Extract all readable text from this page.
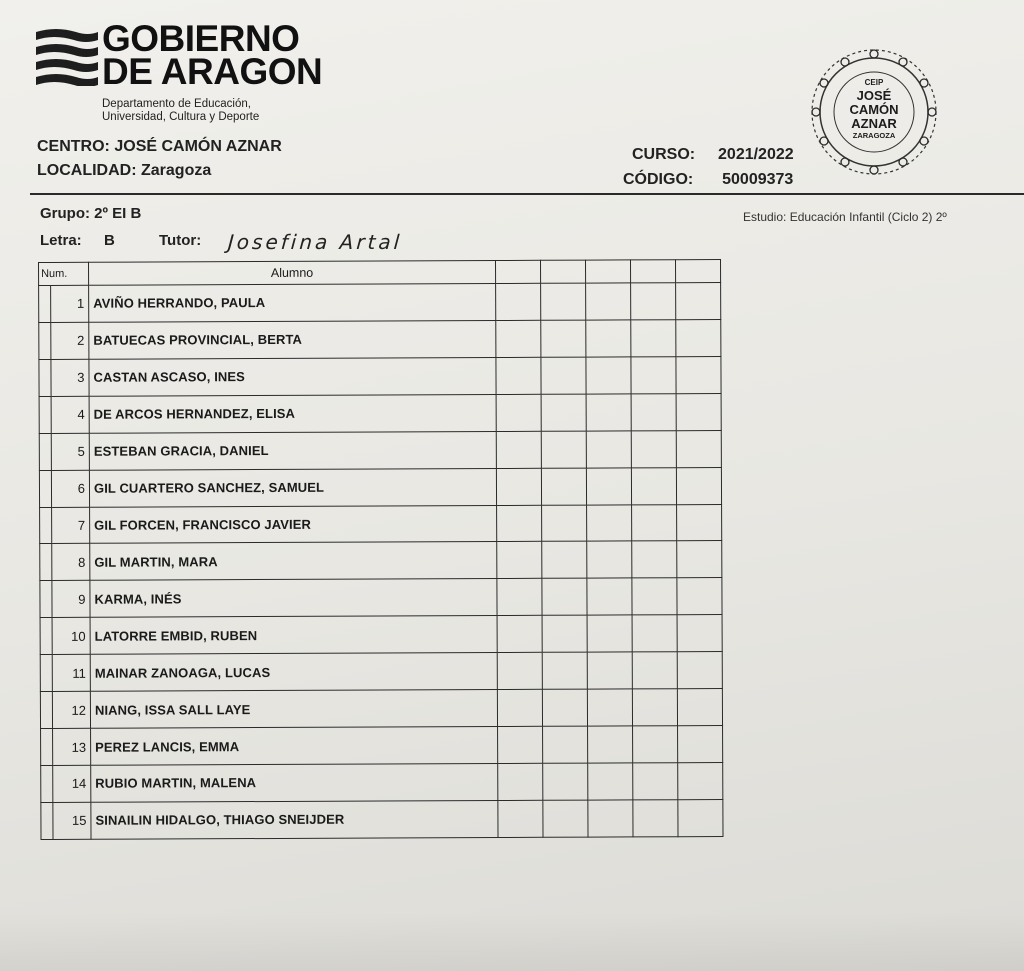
GOBIERNO
DE ARAGON
Departamento de Educación,
Universidad, Cultura y Deporte
CEIP
JOSÉ
CAMÓN
AZNAR
ZARAGOZA
CENTRO: JOSÉ CAMÓN AZNAR
LOCALIDAD: Zaragoza
CURSO: 2021/2022
CÓDIGO: 50009373
Grupo: 2º EI B
Letra: B	Tutor: Josefina Artal
Estudio: Educación Infantil (Ciclo 2) 2º
Num.		Alumno					
	1	AVIÑO HERRANDO, PAULA					
	2	BATUECAS PROVINCIAL, BERTA					
	3	CASTAN ASCASO, INES					
	4	DE ARCOS HERNANDEZ, ELISA					
	5	ESTEBAN GRACIA, DANIEL					
	6	GIL CUARTERO SANCHEZ, SAMUEL					
	7	GIL FORCEN, FRANCISCO JAVIER					
	8	GIL MARTIN, MARA					
	9	KARMA, INÉS					
	10	LATORRE EMBID, RUBEN					
	11	MAINAR ZANOAGA, LUCAS					
	12	NIANG, ISSA SALL LAYE					
	13	PEREZ LANCIS, EMMA					
	14	RUBIO MARTIN, MALENA					
	15	SINAILIN HIDALGO, THIAGO SNEIJDER					
